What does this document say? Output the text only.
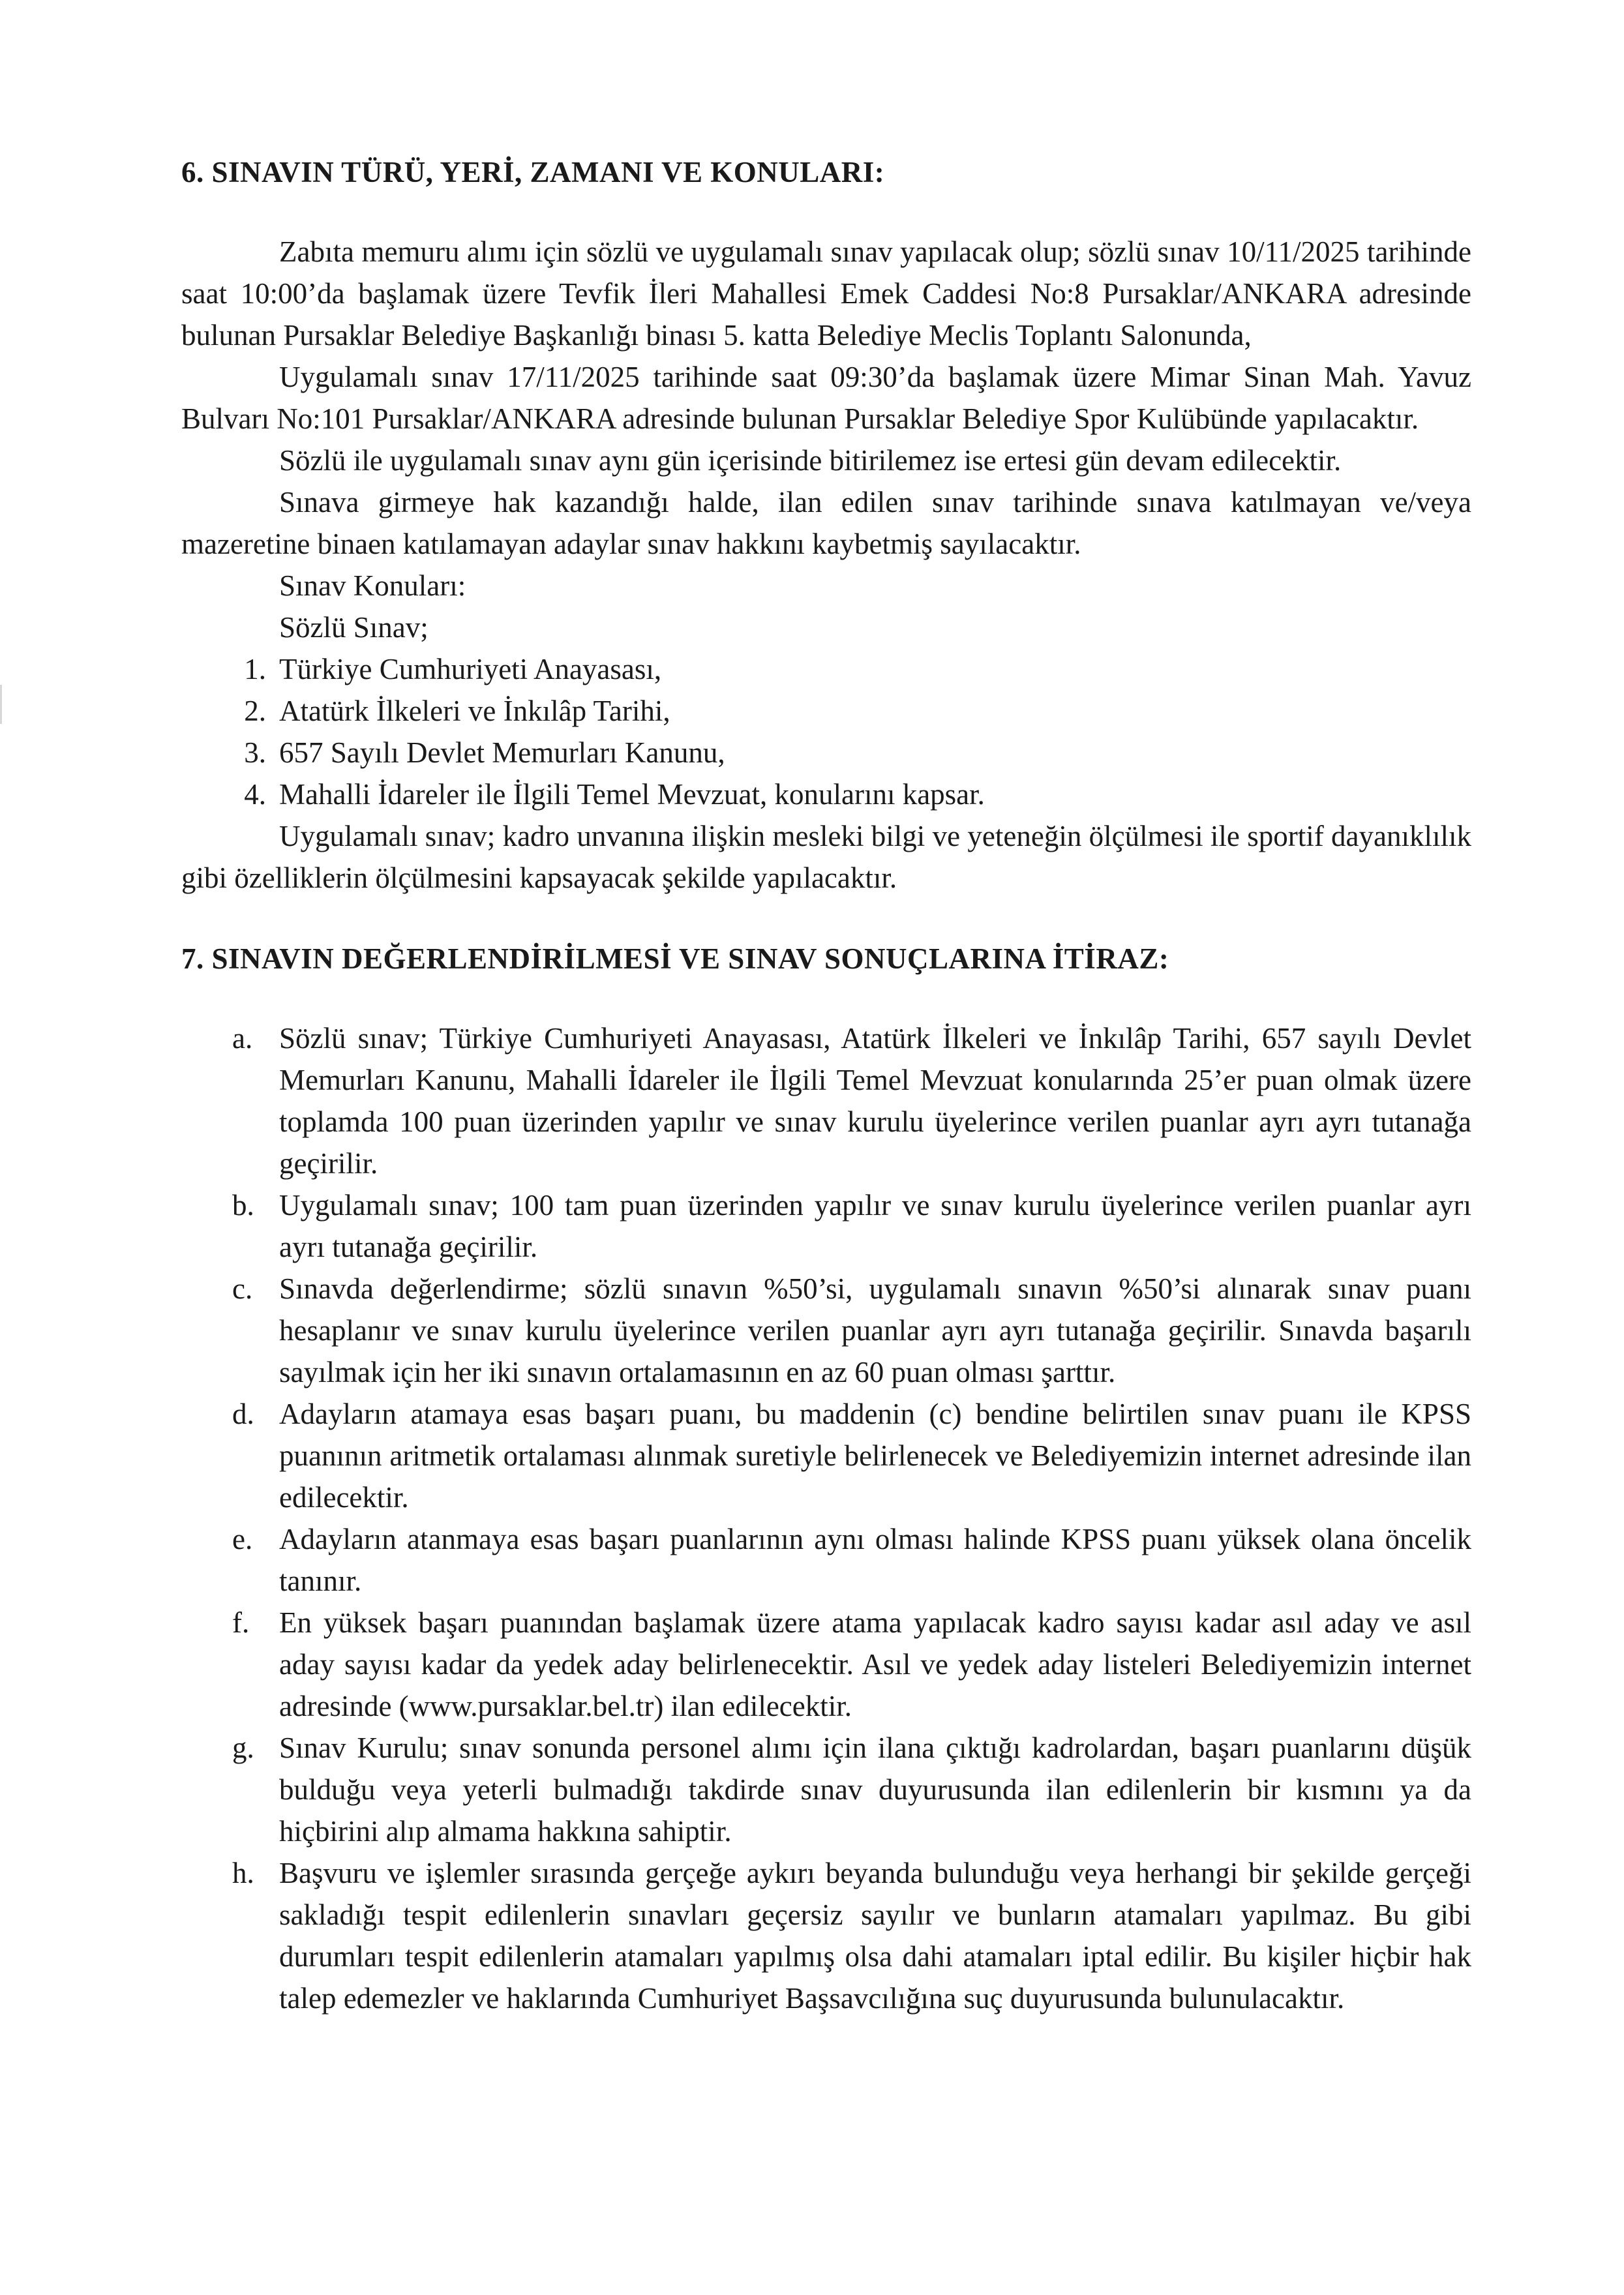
6. SINAVIN TÜRÜ, YERİ, ZAMANI VE KONULARI:

Zabıta memuru alımı için sözlü ve uygulamalı sınav yapılacak olup; sözlü sınav 10/11/2025 tarihinde saat 10:00’da başlamak üzere Tevfik İleri Mahallesi Emek Caddesi No:8 Pursaklar/ANKARA adresinde bulunan Pursaklar Belediye Başkanlığı binası 5. katta Belediye Meclis Toplantı Salonunda,

Uygulamalı sınav 17/11/2025 tarihinde saat 09:30’da başlamak üzere Mimar Sinan Mah. Yavuz Bulvarı No:101 Pursaklar/ANKARA adresinde bulunan Pursaklar Belediye Spor Kulübünde yapılacaktır.

Sözlü ile uygulamalı sınav aynı gün içerisinde bitirilemez ise ertesi gün devam edilecektir.

Sınava girmeye hak kazandığı halde, ilan edilen sınav tarihinde sınava katılmayan ve/veya mazeretine binaen katılamayan adaylar sınav hakkını kaybetmiş sayılacaktır.

Sınav Konuları:

Sözlü Sınav;

1. Türkiye Cumhuriyeti Anayasası,
2. Atatürk İlkeleri ve İnkılâp Tarihi,
3. 657 Sayılı Devlet Memurları Kanunu,
4. Mahalli İdareler ile İlgili Temel Mevzuat, konularını kapsar.

Uygulamalı sınav; kadro unvanına ilişkin mesleki bilgi ve yeteneğin ölçülmesi ile sportif dayanıklılık gibi özelliklerin ölçülmesini kapsayacak şekilde yapılacaktır.

7. SINAVIN DEĞERLENDİRİLMESİ VE SINAV SONUÇLARINA İTİRAZ:
a. Sözlü sınav; Türkiye Cumhuriyeti Anayasası, Atatürk İlkeleri ve İnkılâp Tarihi, 657 sayılı Devlet Memurları Kanunu, Mahalli İdareler ile İlgili Temel Mevzuat konularında 25’er puan olmak üzere toplamda 100 puan üzerinden yapılır ve sınav kurulu üyelerince verilen puanlar ayrı ayrı tutanağa geçirilir.
b. Uygulamalı sınav; 100 tam puan üzerinden yapılır ve sınav kurulu üyelerince verilen puanlar ayrı ayrı tutanağa geçirilir.
c. Sınavda değerlendirme; sözlü sınavın %50’si, uygulamalı sınavın %50’si alınarak sınav puanı hesaplanır ve sınav kurulu üyelerince verilen puanlar ayrı ayrı tutanağa geçirilir. Sınavda başarılı sayılmak için her iki sınavın ortalamasının en az 60 puan olması şarttır.
d. Adayların atamaya esas başarı puanı, bu maddenin (c) bendine belirtilen sınav puanı ile KPSS puanının aritmetik ortalaması alınmak suretiyle belirlenecek ve Belediyemizin internet adresinde ilan edilecektir.
e. Adayların atanmaya esas başarı puanlarının aynı olması halinde KPSS puanı yüksek olana öncelik tanınır.
f.	En yüksek başarı puanından başlamak üzere atama yapılacak kadro sayısı kadar asıl aday ve asıl aday sayısı kadar da yedek aday belirlenecektir. Asıl ve yedek aday listeleri Belediyemizin internet adresinde (www.pursaklar.bel.tr) ilan edilecektir.
g. Sınav Kurulu; sınav sonunda personel alımı için ilana çıktığı kadrolardan, başarı puanlarını düşük bulduğu veya yeterli bulmadığı takdirde sınav duyurusunda ilan edilenlerin bir kısmını ya da hiçbirini alıp almama hakkına sahiptir.
h. Başvuru ve işlemler sırasında gerçeğe aykırı beyanda bulunduğu veya herhangi bir şekilde gerçeği sakladığı tespit edilenlerin sınavları geçersiz sayılır ve bunların atamaları yapılmaz. Bu gibi durumları tespit edilenlerin atamaları yapılmış olsa dahi atamaları iptal edilir. Bu kişiler hiçbir hak talep edemezler ve haklarında Cumhuriyet Başsavcılığına suç duyurusunda bulunulacaktır.
